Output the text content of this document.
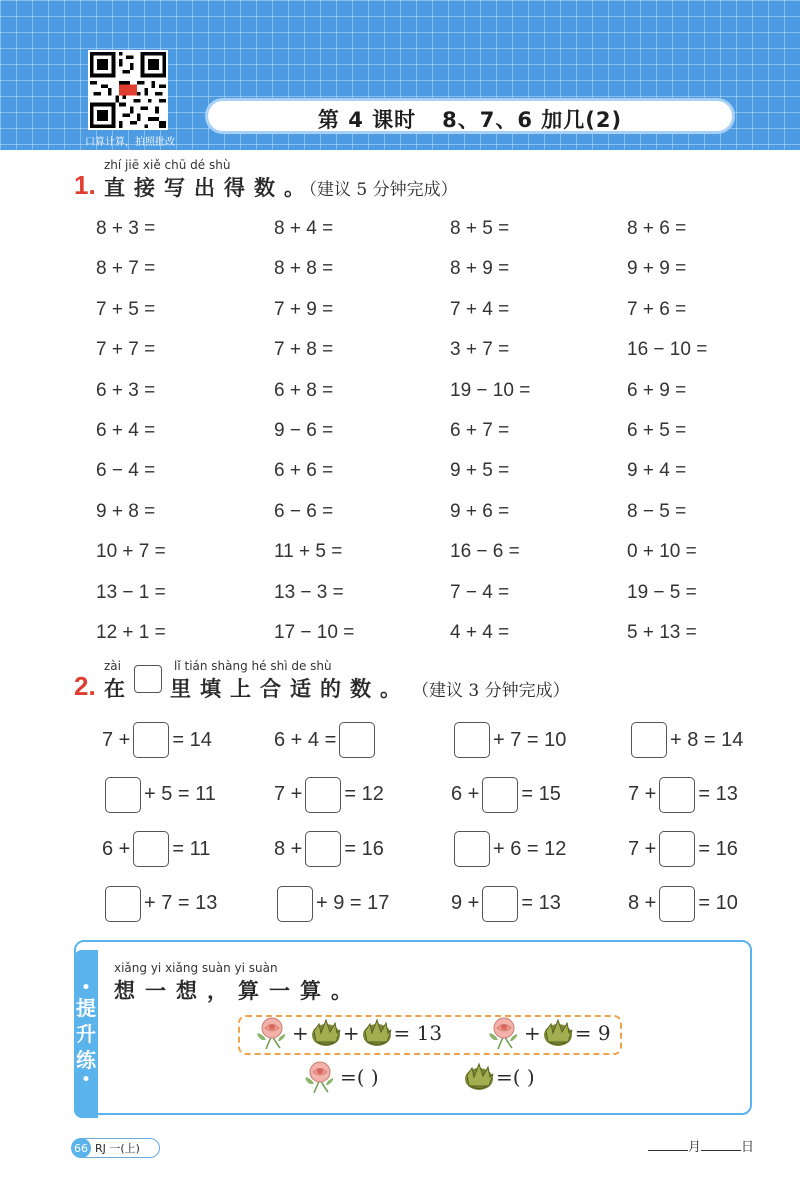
口算计算，拍照批改
第 4 课时 8、7、6 加几(2)
1.
zhí jiē xiě chū dé shù
直接写出得数。
（建议 5 分钟完成）
8 + 3 =	8 + 4 =	8 + 5 =	8 + 6 =
8 + 7 =	8 + 8 =	8 + 9 =	9 + 9 =
7 + 5 =	7 + 9 =	7 + 4 =	7 + 6 =
7 + 7 =	7 + 8 =	3 + 7 =	16 − 10 =
6 + 3 =	6 + 8 =	19 − 10 =	6 + 9 =
6 + 4 =	9 − 6 =	6 + 7 =	6 + 5 =
6 − 4 =	6 + 6 =	9 + 5 =	9 + 4 =
9 + 8 =	6 − 6 =	9 + 6 =	8 − 5 =
10 + 7 =	11 + 5 =	16 − 6 =	0 + 10 =
13 − 1 =	13 − 3 =	7 − 4 =	19 − 5 =
12 + 1 =	17 − 10 =	4 + 4 =	5 + 13 =
2.
zài	lǐ tián shàng hé shì de shù
在 里填上合适的数。 （建议 3 分钟完成）
7 + = 14	6 + 4 =	+ 7 = 10	+ 8 = 14
+ 5 = 11	7 + = 12	6 + = 15	7 + = 13
6 + = 11	8 + = 16	+ 6 = 12	7 + = 16
+ 7 = 13	+ 9 = 17	9 + = 13	8 + = 10
•
提
升
练
•
xiǎng yi xiǎng suàn yi suàn
想一想，算一算。
+ + = 13	+ = 9
=( )	=( )
66 RJ 一(上)	月	日
